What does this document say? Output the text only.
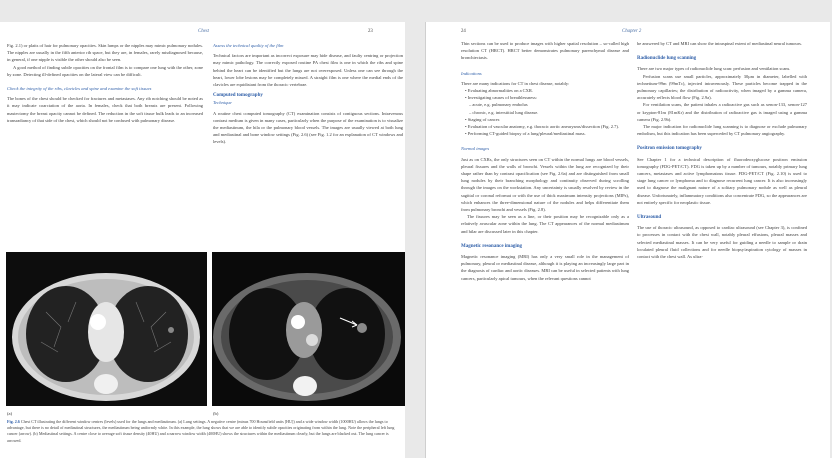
Chest	23

Fig. 2.1) or plaits of hair for pulmonary opacities. Skin lumps or the nipples may mimic pulmonary nodules. The nipples are usually in the fifth anterior rib space, but they are, in females, rarely misdiagnosed because, in general, if one nipple is visible the other should also be seen.

A good method of finding subtle opacities on the frontal film is to compare one lung with the other, zone by zone. Detecting ill-defined opacities on the lateral view can be difficult.

Check the integrity of the ribs, clavicles and spine and examine the soft tissues

The bones of the chest should be checked for fractures and metastases. Any rib notching should be noted as it may indicate coarctation of the aorta. In females, check that both breasts are present. Following mastectomy the breast opacity cannot be defined. The reduction in the soft tissue bulk leads to an increased transradiancy of that side of the chest, which should not be confused with pulmonary disease.

Assess the technical quality of the film

Technical factors are important as incorrect exposure may hide disease, and faulty centring or projection may mimic pathology. The correctly exposed routine PA chest film is one in which the ribs and spine behind the heart can be identified but the lungs are not overexposed. Unless one can see through the heart, lower lobe lesions may be completely missed. A straight film is one where the medial ends of the clavicles are equidistant from the thoracic vertebrae.

Computed tomography

Technique

A routine chest computed tomography (CT) examination consists of contiguous sections. Intravenous contrast medium is given in many cases, particularly when the purpose of the examination is to visualize the mediastinum, the hila or the pulmonary blood vessels. The images are usually viewed at both lung and mediastinal and bone window settings (Fig. 2.6) (see Fig. 1.2 for an explanation of CT windows and levels).

(a)	(b)
Fig. 2.6 Chest CT illustrating the different window centres (levels) used for the lungs and mediastinum. (a) Lung settings. A negative centre (minus 700 Hounsfield units [HU]) and a wide window width (1000HU) allows the lungs to advantage, but there is no detail of mediastinal structures, the mediastinum being uniformly white. In this example, the lung shows that we are able to identify subtle opacities originating from within the lung. Note the peripheral left lung cancer (arrow). (b) Mediastinal settings. A centre close to average soft tissue density (40HU) and a narrow window width (400HU) shows the structures within the mediastinum clearly, but the lungs are blacked out. The lung cancer is arrowed.
24	Chapter 2

Thin sections can be used to produce images with higher spatial resolution – so-called high resolution CT (HRCT). HRCT better demonstrates pulmonary parenchymal disease and bronchiectasis.

Indications

There are many indications for CT in chest disease, notably:

• Evaluating abnormalities on a CXR.

• Investigating causes of breathlessness:

– acute, e.g. pulmonary embolus

– chronic, e.g. interstitial lung disease.

• Staging of cancer.

• Evaluation of vascular anatomy, e.g. thoracic aortic aneurysms/dissection (Fig. 2.7).

• Performing CT-guided biopsy of a lung/pleural/mediastinal mass.

Normal images

Just as on CXRs, the only structures seen on CT within the normal lungs are blood vessels, pleural fissures and the walls of bronchi. Vessels within the lung are recognized by their shape rather than by contrast opacification (see Fig. 2.6a) and are distinguished from small lung nodules by their branching morphology and continuity observed during scrolling through the images on the workstation. Any uncertainty is usually resolved by review in the sagittal or coronal reformat or with the use of thick maximum intensity projections (MIPs), which enhances the three-dimensional nature of the nodules and helps differentiate them from pulmonary bronchi and vessels (Fig. 2.8).

The fissures may be seen as a line, or their position may be recognizable only as a relatively avascular zone within the lung. The CT appearances of the normal mediastinum and hilar are discussed later in this chapter.

Magnetic resonance imaging

Magnetic resonance imaging (MRI) has only a very small role in the management of pulmonary, pleural or mediastinal disease, although it is playing an increasingly large part in the diagnosis of cardiac and aortic diseases. MRI can be useful in selected patients with lung cancers, particularly apical tumours, when the relevant questions cannot

be answered by CT and MRI can show the intraspinal extent of mediastinal neural tumours.

Radionuclide lung scanning

There are two major types of radionuclide lung scan: perfusion and ventilation scans.

Perfusion scans use small particles, approximately 30μm in diameter, labelled with technetium-99m (99mTc), injected intravenously. These particles become trapped in the pulmonary capillaries; the distribution of radioactivity, when imaged by a gamma camera, accurately reflects blood flow (Fig. 2.9a).

For ventilation scans, the patient inhales a radioactive gas such as xenon-133, xenon-127 or krypton-81m (81mKr) and the distribution of radioactive gas is imaged using a gamma camera (Fig. 2.9b).

The major indication for radionuclide lung scanning is to diagnose or exclude pulmonary embolism, but this indication has been superceded by CT pulmonary angiography.

Positron emission tomography

See Chapter 1 for a technical description of fluorodeoxyglucose positron emission tomography (FDG-PET/CT). FDG is taken up by a number of tumours, notably primary lung cancers, metastases and active lymphomatous tissue. FDG-PET/CT (Fig. 2.10) is used to stage lung cancer or lymphoma and to diagnose recurrent lung cancer. It is also increasingly used to diagnose the malignant nature of a solitary pulmonary nodule as well as pleural disease. Unfortunately, inflammatory conditions also concentrate FDG, so the appearances are not entirely specific for neoplastic tissue.

Ultrasound

The use of thoracic ultrasound, as opposed to cardiac ultrasound (see Chapter 3), is confined to processes in contact with the chest wall, notably pleural effusions, pleural masses and selected mediastinal masses. It can be very useful for guiding a needle to sample or drain loculated pleural fluid collections and for needle biopsy/aspiration cytology of masses in contact with the chest wall. As ultra-
